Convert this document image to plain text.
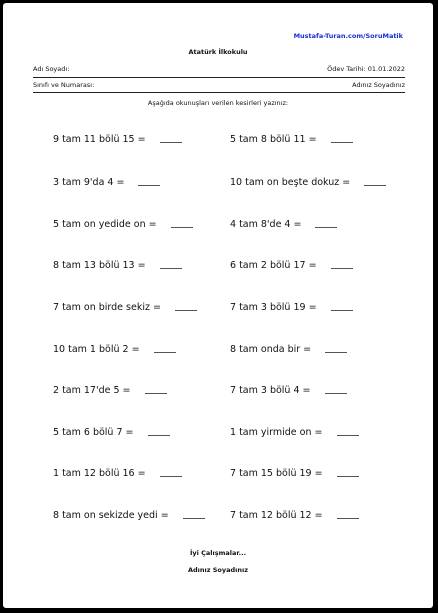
Mustafa-Turan.com/SoruMatik
Atatürk İlkokulu
Adı Soyadı:	Ödev Tarihi: 01.01.2022
Sınıfı ve Numarası:	Adınız Soyadınız
Aşağıda okunuşları verilen kesirleri yazınız:
9 tam 11 bölü 15 =	5 tam 8 bölü 11 =
3 tam 9'da 4 =	10 tam on beşte dokuz =
5 tam on yedide on =	4 tam 8'de 4 =
8 tam 13 bölü 13 =	6 tam 2 bölü 17 =
7 tam on birde sekiz =	7 tam 3 bölü 19 =
10 tam 1 bölü 2 =	8 tam onda bir =
2 tam 17'de 5 =	7 tam 3 bölü 4 =
5 tam 6 bölü 7 =	1 tam yirmide on =
1 tam 12 bölü 16 =	7 tam 15 bölü 19 =
8 tam on sekizde yedi =	7 tam 12 bölü 12 =
İyi Çalışmalar...
Adınız Soyadınız
